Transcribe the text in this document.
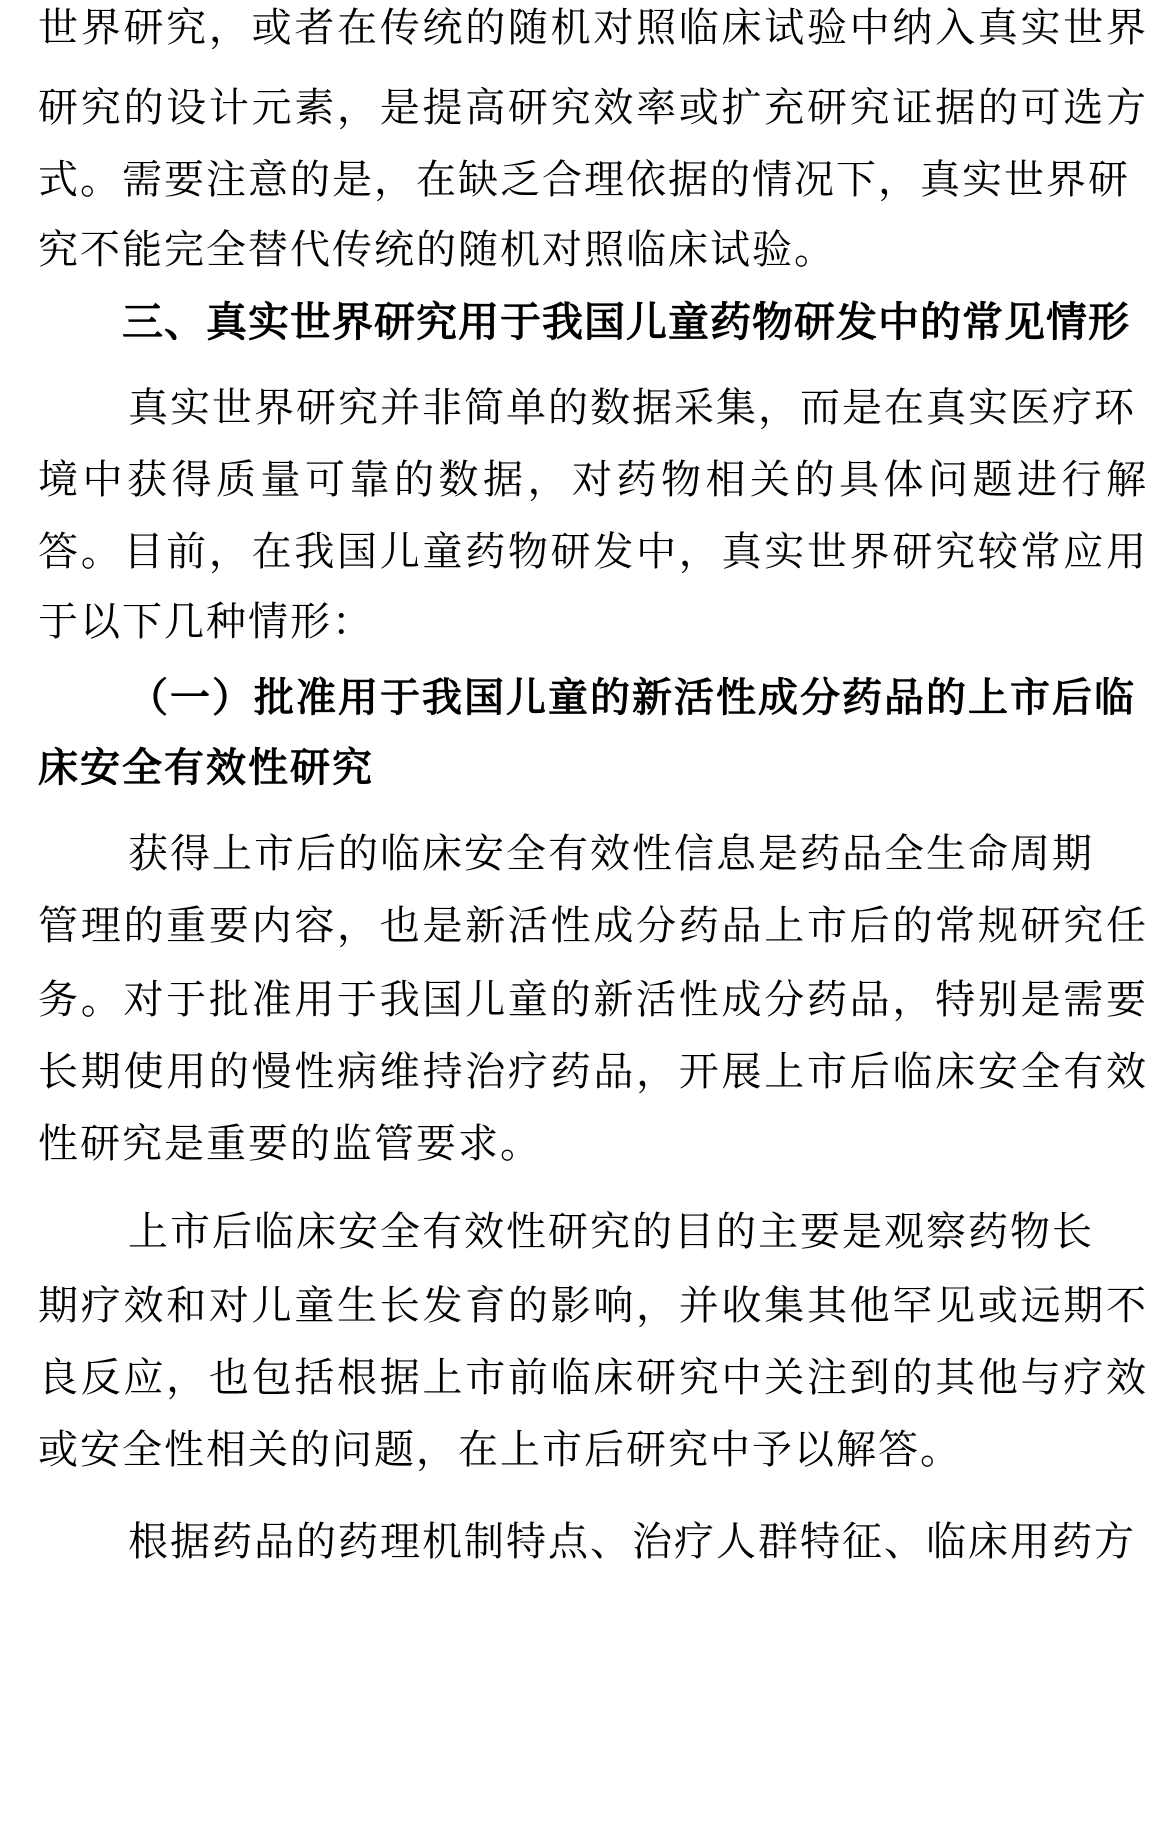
世界研究，或者在传统的随机对照临床试验中纳入真实世界
研究的设计元素，是提高研究效率或扩充研究证据的可选方
式。需要注意的是，在缺乏合理依据的情况下，真实世界研
究不能完全替代传统的随机对照临床试验。
三、真实世界研究用于我国儿童药物研发中的常见情形
真实世界研究并非简单的数据采集，而是在真实医疗环
境中获得质量可靠的数据，对药物相关的具体问题进行解
答。目前，在我国儿童药物研发中，真实世界研究较常应用
于以下几种情形：
（一）批准用于我国儿童的新活性成分药品的上市后临
床安全有效性研究
获得上市后的临床安全有效性信息是药品全生命周期
管理的重要内容，也是新活性成分药品上市后的常规研究任
务。对于批准用于我国儿童的新活性成分药品，特别是需要
长期使用的慢性病维持治疗药品，开展上市后临床安全有效
性研究是重要的监管要求。
上市后临床安全有效性研究的目的主要是观察药物长
期疗效和对儿童生长发育的影响，并收集其他罕见或远期不
良反应，也包括根据上市前临床研究中关注到的其他与疗效
或安全性相关的问题，在上市后研究中予以解答。
根据药品的药理机制特点、治疗人群特征、临床用药方
